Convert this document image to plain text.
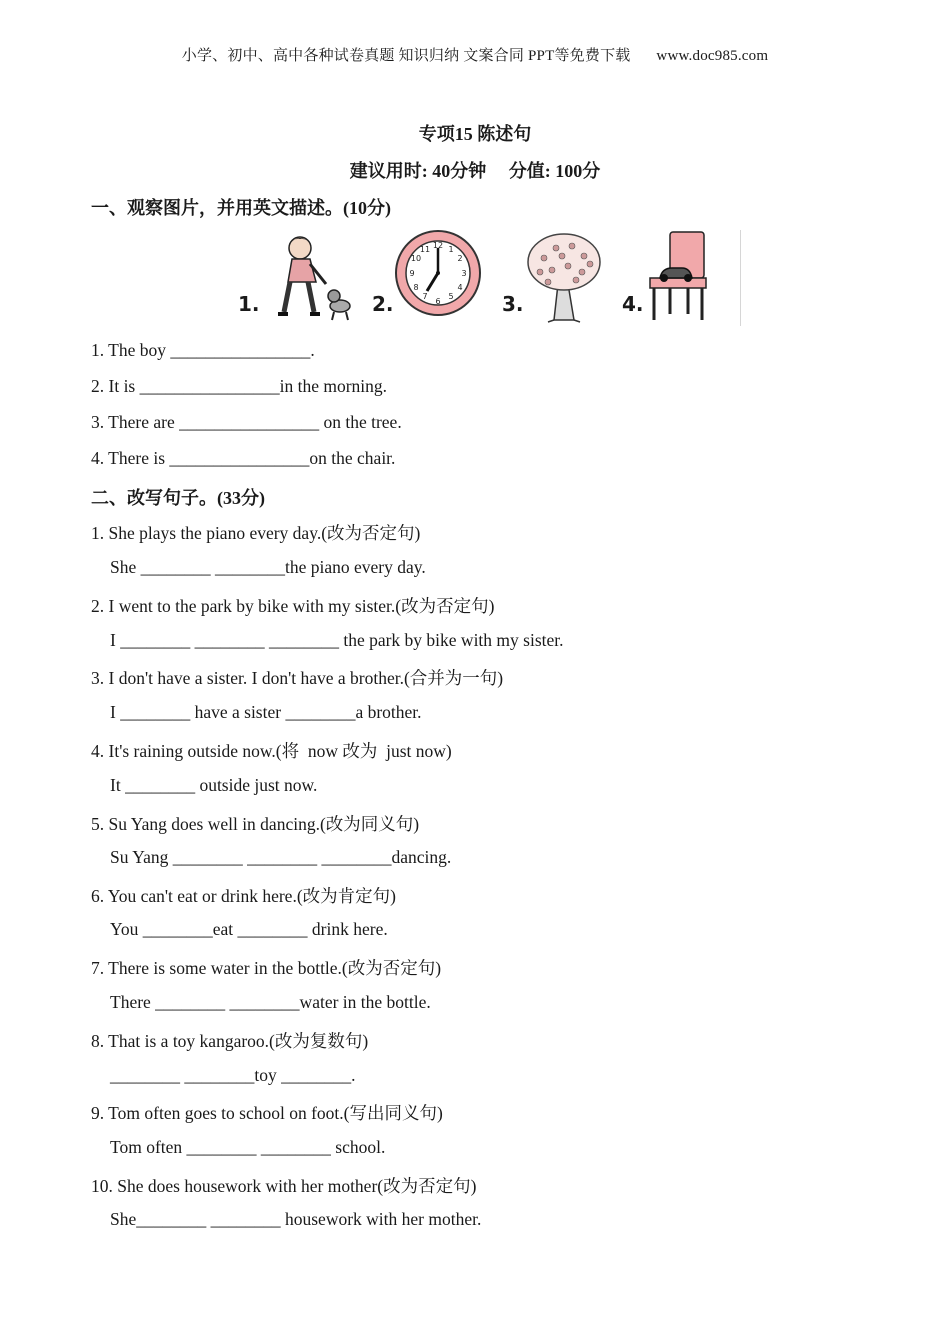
小学、初中、高中各种试卷真题 知识归纳 文案合同 PPT等免费下载 www.doc985.com
专项15 陈述句
建议用时: 40分钟 分值: 100分
一、观察图片，并用英文描述。(10分)
1.	2.
12 1
2
3
4
5
6
7
8
9
10
11
3.	4.
1. The boy ________________.
2. It is ________________in the morning.
3. There are ________________ on the tree.
4. There is ________________on the chair.
二、改写句子。(33分)
1. She plays the piano every day.(改为否定句)
She ________ ________the piano every day.
2. I went to the park by bike with my sister.(改为否定句)
I ________ ________ ________ the park by bike with my sister.
3. I don't have a sister. I don't have a brother.(合并为一句)
I ________ have a sister ________a brother.
4. It's raining outside now.(将  now 改为  just now)
It ________ outside just now.
5. Su Yang does well in dancing.(改为同义句)
Su Yang ________ ________ ________dancing.
6. You can't eat or drink here.(改为肯定句)
You ________eat ________ drink here.
7. There is some water in the bottle.(改为否定句)
There ________ ________water in the bottle.
8. That is a toy kangaroo.(改为复数句)
________ ________toy ________.
9. Tom often goes to school on foot.(写出同义句)
Tom often ________ ________ school.
10. She does housework with her mother(改为否定句)
She________ ________ housework with her mother.
